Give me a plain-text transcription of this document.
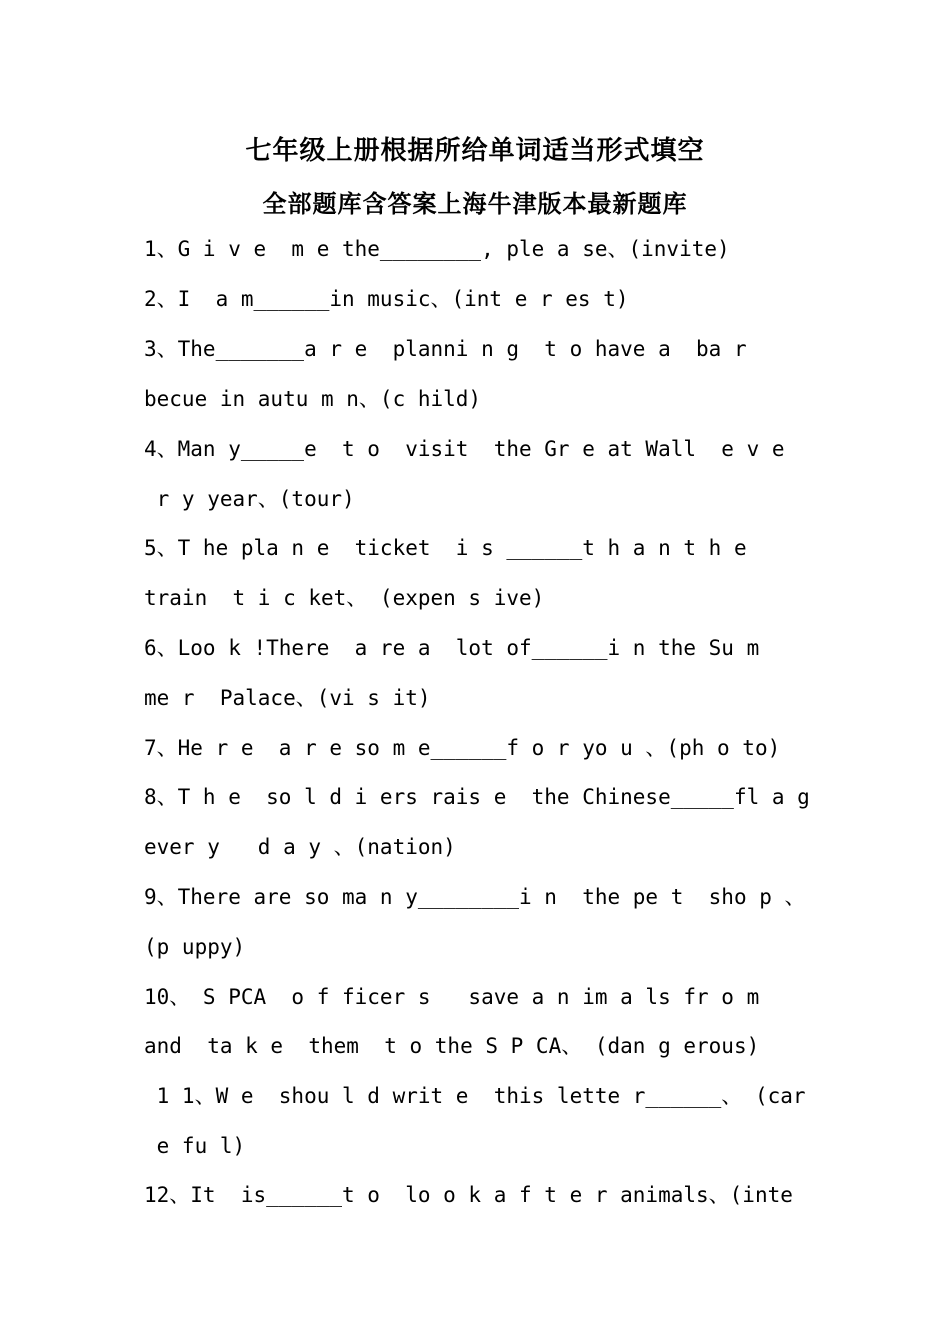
七年级上册根据所给单词适当形式填空
全部题库含答案上海牛津版本最新题库
1、G i v e  m e the________, ple a se、(invite)
2、I  a m______in music、(int e r es t)
3、The_______a r e  planni n g  t o have a  ba r
becue in autu m n、(c hild)
4、Man y_____e  t o  visit  the Gr e at Wall  e v e
r y year、(tour)
5、T he pla n e  ticket  i s ______t h a n t h e
train  t i c ket、 (expen s ive)
6、Loo k !There  a re a  lot of______i n the Su m
me r  Palace、(vi s it)
7、He r e  a r e so m e______f o r yo u 、(ph o to)
8、T h e  so l d i ers rais e  the Chinese_____fl a g
ever y   d a y 、(nation)
9、There are so ma n y________i n  the pe t  sho p 、
(p uppy)
10、 S PCA  o f ficer s   save a n im a ls fr o m
and  ta k e  them  t o the S P CA、 (dan g erous)
1 1、W e  shou l d writ e  this lette r______、 (car
e fu l)
12、It  is______t o  lo o k a f t e r animals、(inte
